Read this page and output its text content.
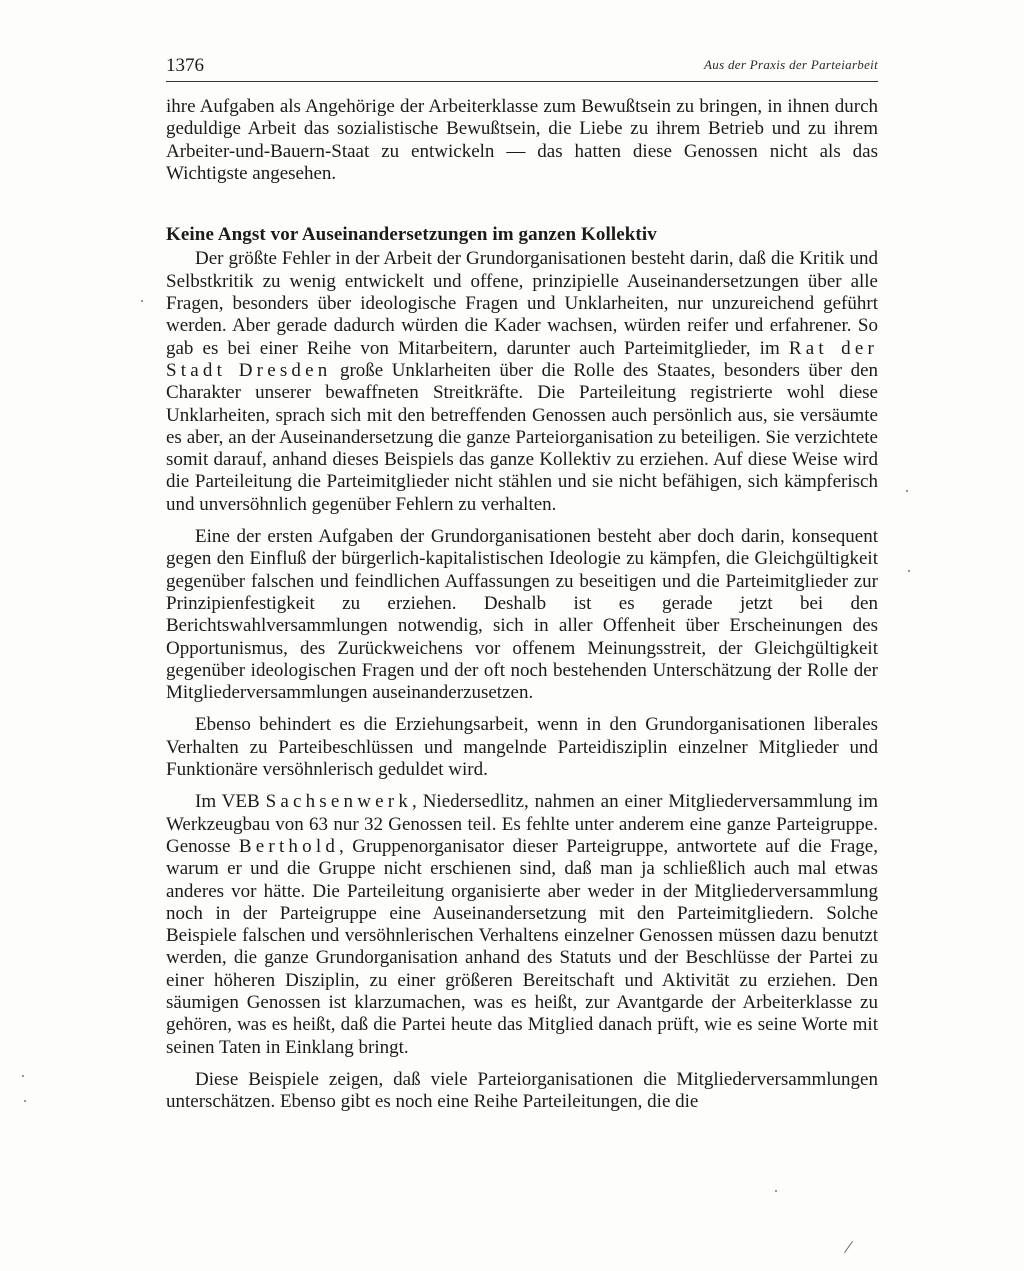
1376	Aus der Praxis der Parteiarbeit

ihre Aufgaben als Angehörige der Arbeiterklasse zum Bewußtsein zu bringen, in ihnen durch geduldige Arbeit das sozialistische Bewußtsein, die Liebe zu ihrem Betrieb und zu ihrem Arbeiter-und-Bauern-Staat zu entwickeln — das hatten diese Genossen nicht als das Wichtigste angesehen.

Keine Angst vor Auseinandersetzungen im ganzen Kollektiv

Der größte Fehler in der Arbeit der Grundorganisationen besteht darin, daß die Kritik und Selbstkritik zu wenig entwickelt und offene, prinzipielle Auseinandersetzungen über alle Fragen, besonders über ideologische Fragen und Unklarheiten, nur unzureichend geführt werden. Aber gerade dadurch würden die Kader wachsen, würden reifer und erfahrener. So gab es bei einer Reihe von Mitarbeitern, darunter auch Parteimitglieder, im Rat der Stadt Dresden große Unklarheiten über die Rolle des Staates, besonders über den Charakter unserer bewaffneten Streitkräfte. Die Parteileitung registrierte wohl diese Unklarheiten, sprach sich mit den betreffenden Genossen auch persönlich aus, sie versäumte es aber, an der Auseinandersetzung die ganze Parteiorganisation zu beteiligen. Sie verzichtete somit darauf, anhand dieses Beispiels das ganze Kollektiv zu erziehen. Auf diese Weise wird die Parteileitung die Parteimitglieder nicht stählen und sie nicht befähigen, sich kämpferisch und unversöhnlich gegenüber Fehlern zu verhalten.

Eine der ersten Aufgaben der Grundorganisationen besteht aber doch darin, konsequent gegen den Einfluß der bürgerlich-kapitalistischen Ideologie zu kämpfen, die Gleichgültigkeit gegenüber falschen und feindlichen Auffassungen zu beseitigen und die Parteimitglieder zur Prinzipienfestigkeit zu erziehen. Deshalb ist es gerade jetzt bei den Berichtswahlversammlungen notwendig, sich in aller Offenheit über Erscheinungen des Opportunismus, des Zurückweichens vor offenem Meinungsstreit, der Gleichgültigkeit gegenüber ideologischen Fragen und der oft noch bestehenden Unterschätzung der Rolle der Mitgliederversammlungen auseinanderzusetzen.

Ebenso behindert es die Erziehungsarbeit, wenn in den Grundorganisationen liberales Verhalten zu Parteibeschlüssen und mangelnde Parteidisziplin einzelner Mitglieder und Funktionäre versöhnlerisch geduldet wird.

Im VEB Sachsenwerk, Niedersedlitz, nahmen an einer Mitgliederversammlung im Werkzeugbau von 63 nur 32 Genossen teil. Es fehlte unter anderem eine ganze Parteigruppe. Genosse Berthold, Gruppenorganisator dieser Parteigruppe, antwortete auf die Frage, warum er und die Gruppe nicht erschienen sind, daß man ja schließlich auch mal etwas anderes vor hätte. Die Parteileitung organisierte aber weder in der Mitgliederversammlung noch in der Parteigruppe eine Auseinandersetzung mit den Parteimitgliedern. Solche Beispiele falschen und versöhnlerischen Verhaltens einzelner Genossen müssen dazu benutzt werden, die ganze Grundorganisation anhand des Statuts und der Beschlüsse der Partei zu einer höheren Disziplin, zu einer größeren Bereitschaft und Aktivität zu erziehen. Den säumigen Genossen ist klarzumachen, was es heißt, zur Avantgarde der Arbeiterklasse zu gehören, was es heißt, daß die Partei heute das Mitglied danach prüft, wie es seine Worte mit seinen Taten in Einklang bringt.

Diese Beispiele zeigen, daß viele Parteiorganisationen die Mitgliederversammlungen unterschätzen. Ebenso gibt es noch eine Reihe Parteileitungen, die die
